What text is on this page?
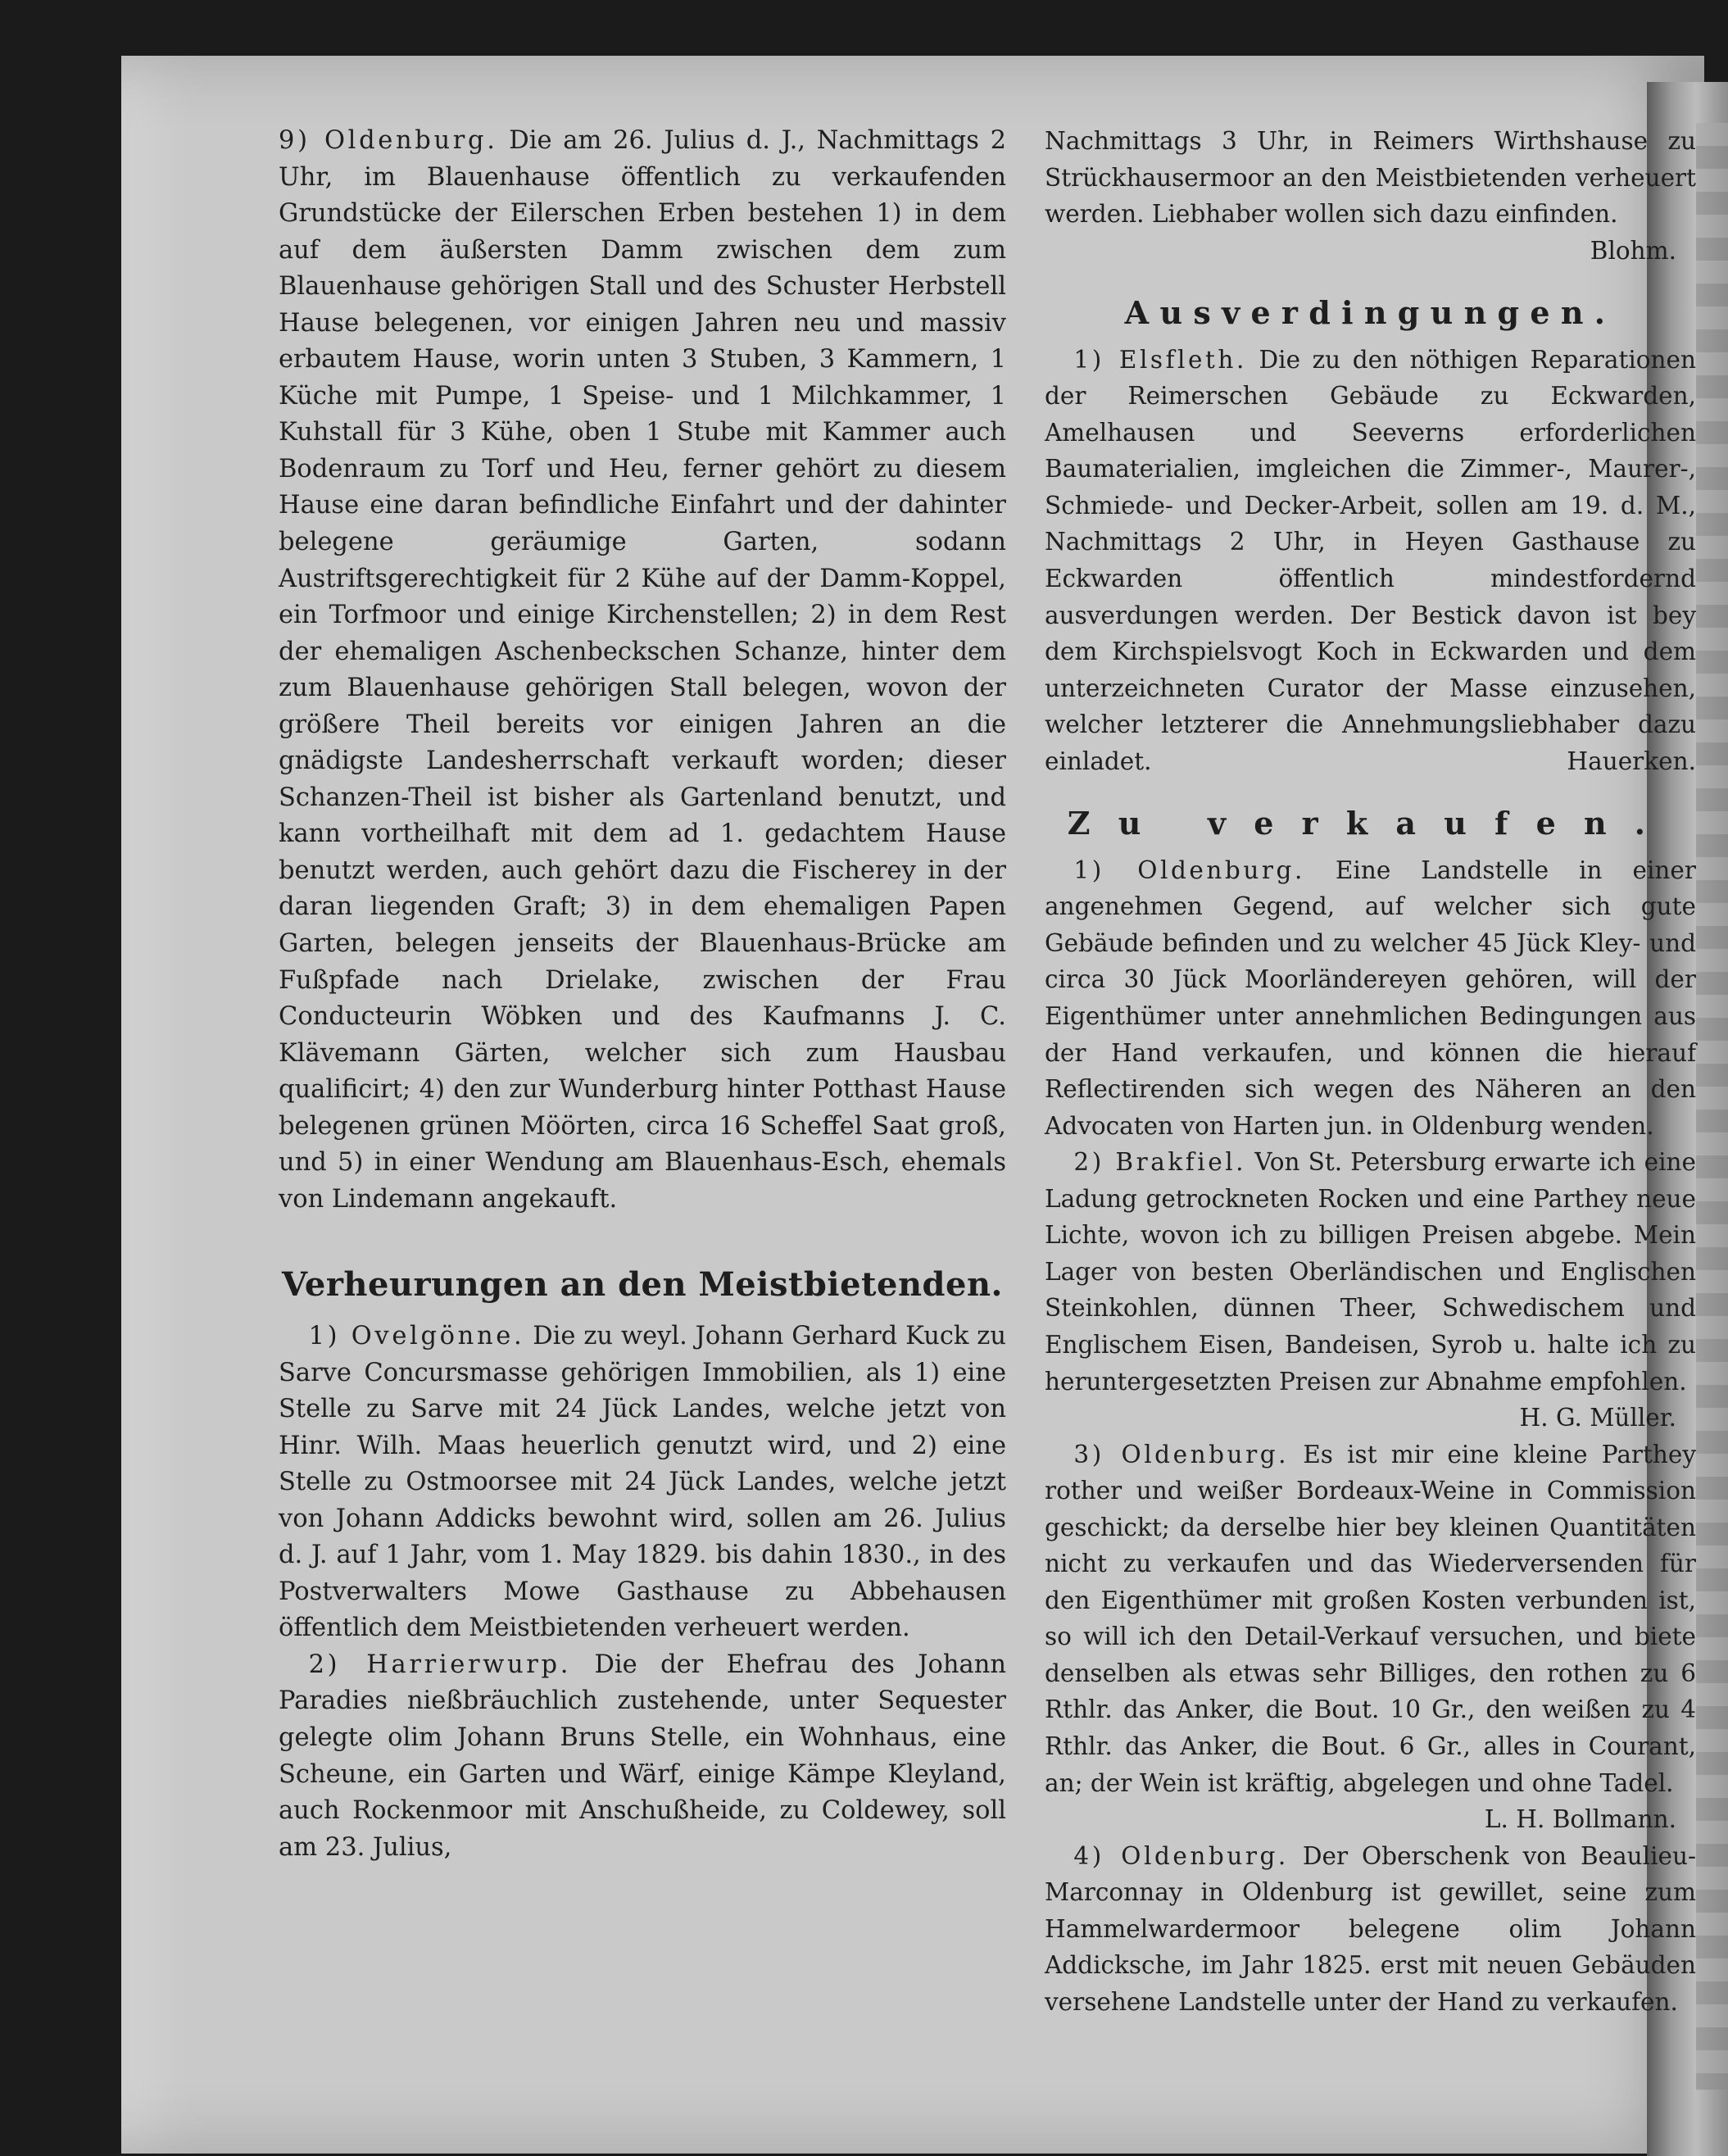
9) Oldenburg. Die am 26. Julius d. J., Nachmittags 2 Uhr, im Blauenhause öffentlich zu verkaufenden Grundstücke der Eilerschen Erben bestehen 1) in dem auf dem äußersten Damm zwischen dem zum Blauenhause gehörigen Stall und des Schuster Herbstell Hause belegenen, vor einigen Jahren neu und massiv erbautem Hause, worin unten 3 Stuben, 3 Kammern, 1 Küche mit Pumpe, 1 Speise- und 1 Milchkammer, 1 Kuhstall für 3 Kühe, oben 1 Stube mit Kammer auch Bodenraum zu Torf und Heu, ferner gehört zu diesem Hause eine daran befindliche Einfahrt und der dahinter belegene geräumige Garten, sodann Austriftsgerechtigkeit für 2 Kühe auf der Damm-Koppel, ein Torfmoor und einige Kirchenstellen; 2) in dem Rest der ehemaligen Aschenbeckschen Schanze, hinter dem zum Blauenhause gehörigen Stall belegen, wovon der größere Theil bereits vor einigen Jahren an die gnädigste Landesherrschaft verkauft worden; dieser Schanzen-Theil ist bisher als Gartenland benutzt, und kann vortheilhaft mit dem ad 1. gedachtem Hause benutzt werden, auch gehört dazu die Fischerey in der daran liegenden Graft; 3) in dem ehemaligen Papen Garten, belegen jenseits der Blauenhaus-Brücke am Fußpfade nach Drielake, zwischen der Frau Conducteurin Wöbken und des Kaufmanns J. C. Klävemann Gärten, welcher sich zum Hausbau qualificirt; 4) den zur Wunderburg hinter Potthast Hause belegenen grünen Möörten, circa 16 Scheffel Saat groß, und 5) in einer Wendung am Blauenhaus-Esch, ehemals von Lindemann angekauft.

Verheurungen an den Meistbietenden.

1) Ovelgönne. Die zu weyl. Johann Gerhard Kuck zu Sarve Concursmasse gehörigen Immobilien, als 1) eine Stelle zu Sarve mit 24 Jück Landes, welche jetzt von Hinr. Wilh. Maas heuerlich genutzt wird, und 2) eine Stelle zu Ostmoorsee mit 24 Jück Landes, welche jetzt von Johann Addicks bewohnt wird, sollen am 26. Julius d. J. auf 1 Jahr, vom 1. May 1829. bis dahin 1830., in des Postverwalters Mowe Gasthause zu Abbehausen öffentlich dem Meistbietenden verheuert werden.

2) Harrierwurp. Die der Ehefrau des Johann Paradies nießbräuchlich zustehende, unter Sequester gelegte olim Johann Bruns Stelle, ein Wohnhaus, eine Scheune, ein Garten und Wärf, einige Kämpe Kleyland, auch Rockenmoor mit Anschußheide, zu Coldewey, soll am 23. Julius,

Nachmittags 3 Uhr, in Reimers Wirthshause zu Strückhausermoor an den Meistbietenden verheuert werden. Liebhaber wollen sich dazu einfinden.

Blohm.
Ausverdingungen.

1) Elsfleth. Die zu den nöthigen Reparationen der Reimerschen Gebäude zu Eckwarden, Amelhausen und Seeverns erforderlichen Baumaterialien, imgleichen die Zimmer-, Maurer-, Schmiede- und Decker-Arbeit, sollen am 19. d. M., Nachmittags 2 Uhr, in Heyen Gasthause zu Eckwarden öffentlich mindestfordernd ausverdungen werden. Der Bestick davon ist bey dem Kirchspielsvogt Koch in Eckwarden und dem unterzeichneten Curator der Masse einzusehen, welcher letzterer die Annehmungsliebhaber dazu einladet.	Hauerken.

Zu verkaufen.

1) Oldenburg. Eine Landstelle in einer angenehmen Gegend, auf welcher sich gute Gebäude befinden und zu welcher 45 Jück Kley- und circa 30 Jück Moorländereyen gehören, will der Eigenthümer unter annehmlichen Bedingungen aus der Hand verkaufen, und können die hierauf Reflectirenden sich wegen des Näheren an den Advocaten von Harten jun. in Oldenburg wenden.

2) Brakfiel. Von St. Petersburg erwarte ich eine Ladung getrockneten Rocken und eine Parthey neue Lichte, wovon ich zu billigen Preisen abgebe. Mein Lager von besten Oberländischen und Englischen Steinkohlen, dünnen Theer, Schwedischem und Englischem Eisen, Bandeisen, Syrob u. halte ich zu heruntergesetzten Preisen zur Abnahme empfohlen.

H. G. Müller.

3) Oldenburg. Es ist mir eine kleine Parthey rother und weißer Bordeaux-Weine in Commission geschickt; da derselbe hier bey kleinen Quantitäten nicht zu verkaufen und das Wiederversenden für den Eigenthümer mit großen Kosten verbunden ist, so will ich den Detail-Verkauf versuchen, und biete denselben als etwas sehr Billiges, den rothen zu 6 Rthlr. das Anker, die Bout. 10 Gr., den weißen zu 4 Rthlr. das Anker, die Bout. 6 Gr., alles in Courant, an; der Wein ist kräftig, abgelegen und ohne Tadel.

L. H. Bollmann.

4) Oldenburg. Der Oberschenk von Beaulieu-Marconnay in Oldenburg ist gewillet, seine zum Hammelwardermoor belegene olim Johann Addicksche, im Jahr 1825. erst mit neuen Gebäuden versehene Landstelle unter der Hand zu verkaufen.
